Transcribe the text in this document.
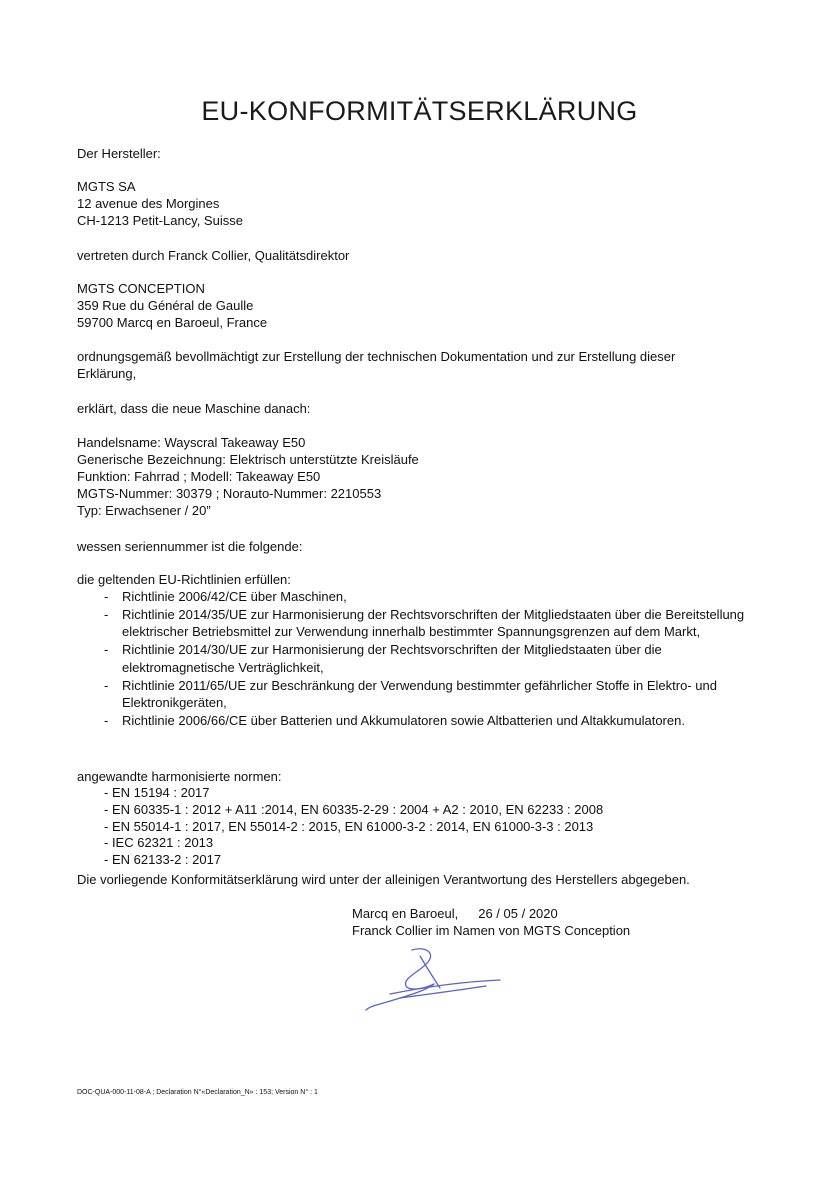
EU-KONFORMITÄTSERKLÄRUNG
Der Hersteller:
MGTS SA
12 avenue des Morgines
CH-1213 Petit-Lancy, Suisse
vertreten durch Franck Collier, Qualitätsdirektor
MGTS CONCEPTION
359 Rue du Général de Gaulle
59700 Marcq en Baroeul, France
ordnungsgemäß bevollmächtigt zur Erstellung der technischen Dokumentation und zur Erstellung dieser
Erklärung,
erklärt, dass die neue Maschine danach:
Handelsname: Wayscral Takeaway E50
Generische Bezeichnung: Elektrisch unterstützte Kreisläufe
Funktion: Fahrrad ; Modell: Takeaway E50
MGTS-Nummer: 30379 ; Norauto-Nummer: 2210553
Typ: Erwachsener / 20”
wessen seriennummer ist die folgende:
die geltenden EU-Richtlinien erfüllen:
- Richtlinie 2006/42/CE über Maschinen,
- Richtlinie 2014/35/UE zur Harmonisierung der Rechtsvorschriften der Mitgliedstaaten über die Bereitstellung elektrischer Betriebsmittel zur Verwendung innerhalb bestimmter Spannungsgrenzen auf dem Markt,
- Richtlinie 2014/30/UE zur Harmonisierung der Rechtsvorschriften der Mitgliedstaaten über die elektromagnetische Verträglichkeit,
- Richtlinie 2011/65/UE zur Beschränkung der Verwendung bestimmter gefährlicher Stoffe in Elektro- und Elektronikgeräten,
- Richtlinie 2006/66/CE über Batterien und Akkumulatoren sowie Altbatterien und Altakkumulatoren.
angewandte harmonisierte normen:
- EN 15194 : 2017
- EN 60335-1 : 2012 + A11 :2014, EN 60335-2-29 : 2004 + A2 : 2010, EN 62233 : 2008
- EN 55014-1 : 2017, EN 55014-2 : 2015, EN 61000-3-2 : 2014, EN 61000-3-3 : 2013
- IEC 62321 : 2013
- EN 62133-2 : 2017
Die vorliegende Konformitätserklärung wird unter der alleinigen Verantwortung des Herstellers abgegeben.
Marcq en Baroeul, 26 / 05 / 2020
Franck Collier im Namen von MGTS Conception
DOC-QUA-000-11-08-A ; Declaration N°«Declaration_N» : 153; Version N° : 1
